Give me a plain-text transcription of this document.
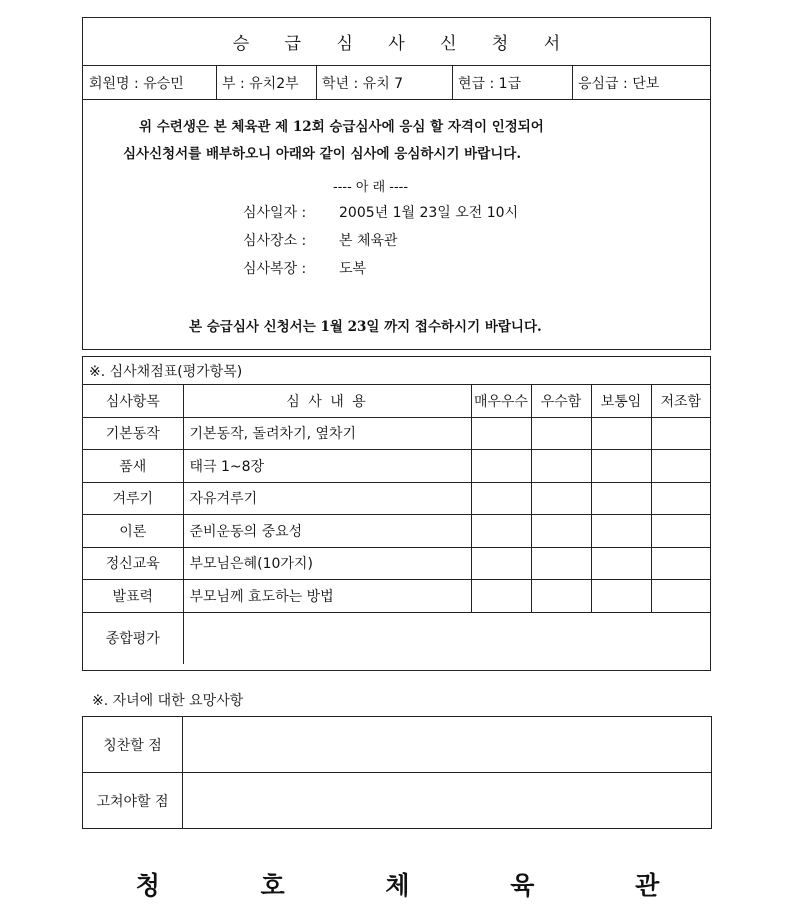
승 급 심 사 신 청 서
회원명 : 유승민	부 : 유치2부	학년 : 유치 7	현급 : 1급	응심급 : 단보
위 수련생은 본 체육관 제 12회 승급심사에 응심 할 자격이 인정되어
심사신청서를 배부하오니 아래와 같이 심사에 응심하시기 바랍니다.
---- 아 래 ----
심사일자 : 2005년 1월 23일 오전 10시
심사장소 : 본 체육관
심사복장 : 도복
본 승급심사 신청서는 1월 23일 까지 접수하시기 바랍니다.
※. 심사채점표(평가항목)
심사항목	심 사 내 용	매우우수	우수함	보통임	저조함
기본동작	기본동작, 돌려차기, 옆차기				
품새	태극 1~8장				
겨루기	자유겨루기				
이론	준비운동의 중요성				
정신교육	부모님은혜(10가지)				
발표력	부모님께 효도하는 방법				
종합평가					
※. 자녀에 대한 요망사항
칭찬할 점	
고쳐야할 점	
청 호 체 육 관
